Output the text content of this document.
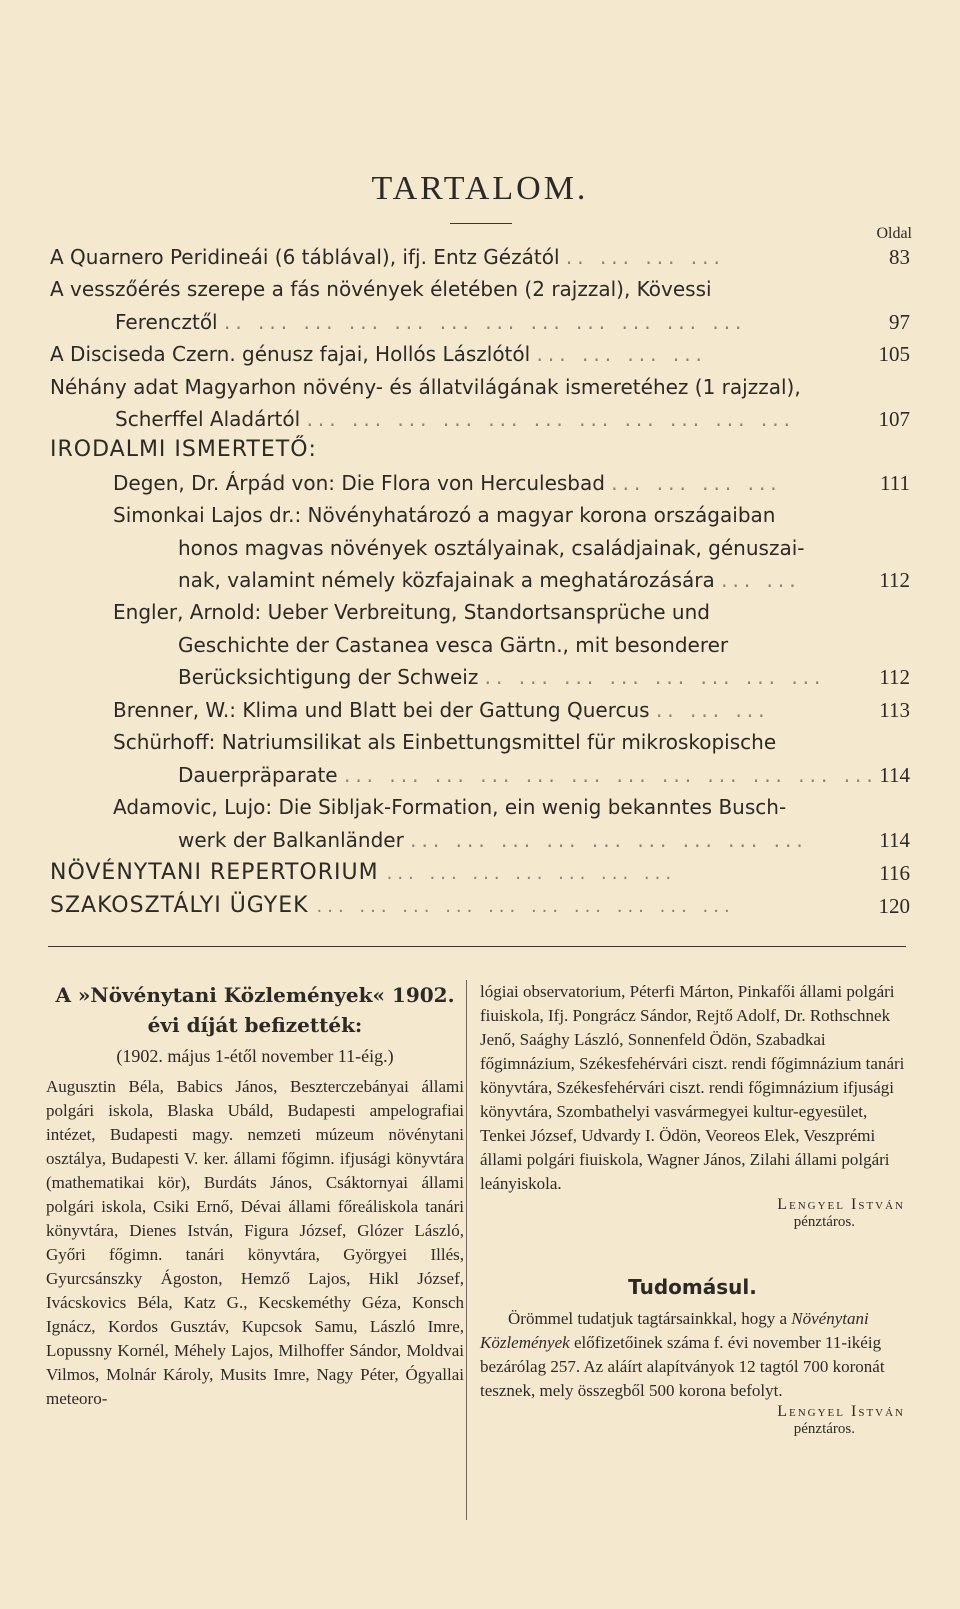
TARTALOM.
Oldal
A Quarnero Peridineái (6 táblával), ifj. Entz Gézától .. ... ... ...	83
A vesszőérés szerepe a fás növények életében (2 rajzzal), Kövessi
Ferencztől .. ... ... ... ... ... ... ... ... ... ... ...	97
A Disciseda Czern. génusz fajai, Hollós Lászlótól ... ... ... ...	105
Néhány adat Magyarhon növény- és állatvilágának ismeretéhez (1 rajzzal),
Scherffel Aladártól ... ... ... ... ... ... ... ... ... ... ...	107
IRODALMI ISMERTETŐ:
Degen, Dr. Árpád von: Die Flora von Herculesbad ... ... ... ...	111
Simonkai Lajos dr.: Növényhatározó a magyar korona országaiban
honos magvas növények osztályainak, családjainak, génuszai-
nak, valamint némely közfajainak a meghatározására ... ...	112
Engler, Arnold: Ueber Verbreitung, Standortsansprüche und
Geschichte der Castanea vesca Gärtn., mit besonderer
Berücksichtigung der Schweiz .. ... ... ... ... ... ... ...	112
Brenner, W.: Klima und Blatt bei der Gattung Quercus .. ... ...	113
Schürhoff: Natriumsilikat als Einbettungsmittel für mikroskopische
Dauerpräparate ... ... ... ... ... ... ... ... ... ... ... ... 114
Adamovic, Lujo: Die Sibljak-Formation, ein wenig bekanntes Busch-
werk der Balkanländer ... ... ... ... ... ... ... ... ...	114
NÖVÉNYTANI REPERTORIUM ... ... ... ... ... ... ...	116
SZAKOSZTÁLYI ÜGYEK ... ... ... ... ... ... ... ... ... ...	120

A »Növénytani Közlemények« 1902. évi díját befizették:

(1902. május 1-étől november 11-éig.)

Augusztin Béla, Babics János, Beszterczebányai állami polgári iskola, Blaska Ubáld, Budapesti ampelografiai intézet, Budapesti magy. nemzeti múzeum növénytani osztálya, Budapesti V. ker. állami főgimn. ifjusági könyvtára (mathematikai kör), Burdáts János, Csáktornyai állami polgári iskola, Csiki Ernő, Dévai állami főreáliskola tanári könyvtára, Dienes István, Figura József, Glózer László, Győri főgimn. tanári könyvtára, Györgyei Illés, Gyurcsánszky Ágoston, Hemző Lajos, Hikl József, Ivácskovics Béla, Katz G., Kecskeméthy Géza, Konsch Ignácz, Kordos Gusztáv, Kupcsok Samu, László Imre, Lopussny Kornél, Méhely Lajos, Milhoffer Sándor, Moldvai Vilmos, Molnár Károly, Musits Imre, Nagy Péter, Ógyallai meteoro-

lógiai observatorium, Péterfi Márton, Pinkafői állami polgári fiuiskola, Ifj. Pongrácz Sándor, Rejtő Adolf, Dr. Rothschnek Jenő, Saághy László, Sonnenfeld Ödön, Szabadkai főgimnázium, Székesfehérvári ciszt. rendi főgimnázium tanári könyvtára, Székesfehérvári ciszt. rendi főgimnázium ifjusági könyvtára, Szombathelyi vasvármegyei kultur-egyesület, Tenkei József, Udvardy I. Ödön, Veoreos Elek, Veszprémi állami polgári fiuiskola, Wagner János, Zilahi állami polgári leányiskola.

Lengyel István
pénztáros.
Tudomásul.

Örömmel tudatjuk tagtársainkkal, hogy a Növénytani Közlemények előfizetőinek száma f. évi november 11-ikéig bezárólag 257. Az aláírt alapítványok 12 tagtól 700 koronát tesznek, mely összegből 500 korona befolyt.

Lengyel István
pénztáros.
